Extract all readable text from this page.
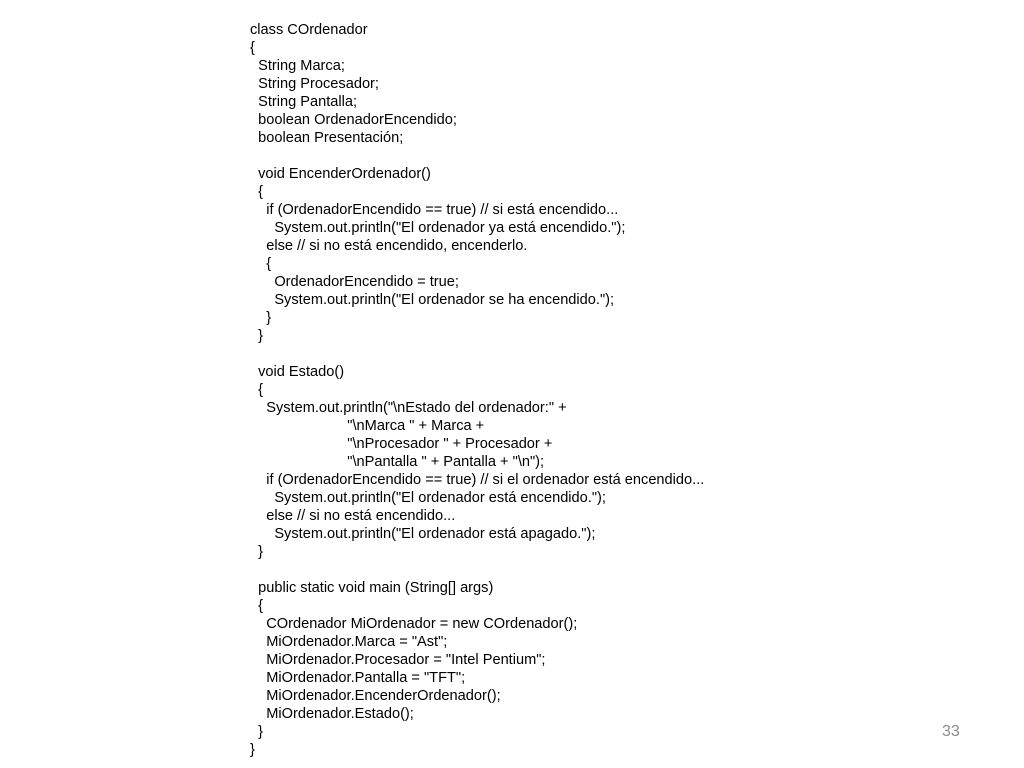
class COrdenador
{
String Marca;
String Procesador;
String Pantalla;
boolean OrdenadorEncendido;
boolean Presentación;
void EncenderOrdenador()
{
if (OrdenadorEncendido == true) // si está encendido...
System.out.println("El ordenador ya está encendido.");
else // si no está encendido, encenderlo.
{
OrdenadorEncendido = true;
System.out.println("El ordenador se ha encendido.");
}
}
void Estado()
{
System.out.println("\nEstado del ordenador:" +
"\nMarca " + Marca +
"\nProcesador " + Procesador +
"\nPantalla " + Pantalla + "\n");
if (OrdenadorEncendido == true) // si el ordenador está encendido...
System.out.println("El ordenador está encendido.");
else // si no está encendido...
System.out.println("El ordenador está apagado.");
}
public static void main (String[] args)
{
COrdenador MiOrdenador = new COrdenador();
MiOrdenador.Marca = "Ast";
MiOrdenador.Procesador = "Intel Pentium";
MiOrdenador.Pantalla = "TFT";
MiOrdenador.EncenderOrdenador();
MiOrdenador.Estado();
}
}
33
